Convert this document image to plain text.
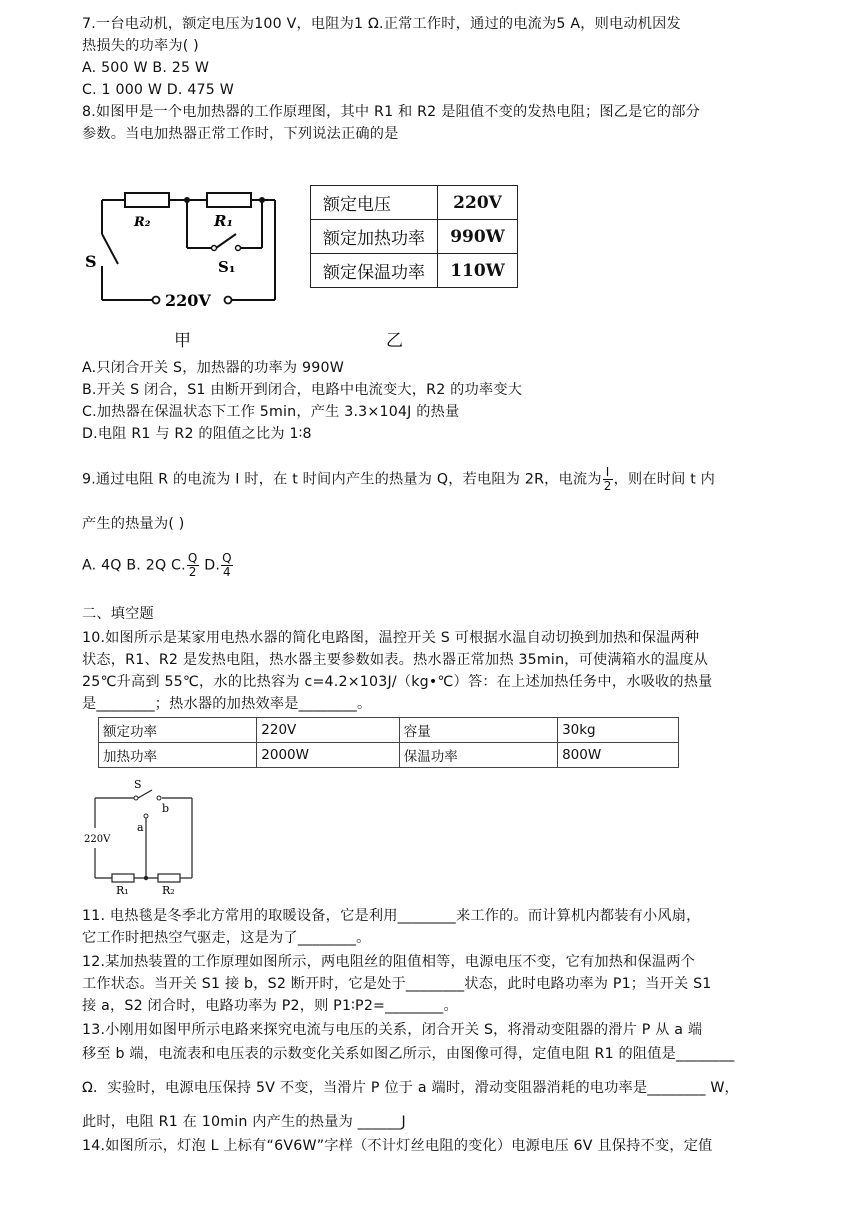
7.一台电动机，额定电压为100 V，电阻为1 Ω.正常工作时，通过的电流为5 A，则电动机因发
热损失的功率为( )
A. 500 W B. 25 W
C. 1 000 W D. 475 W
8.如图甲是一个电加热器的工作原理图，其中 R1 和 R2 是阻值不变的发热电阻；图乙是它的部分
参数。当电加热器正常工作时，下列说法正确的是
R₂	R₁
S	S₁
220V
额定电压	220V
额定加热功率	990W
额定保温功率	110W
甲	乙
A.只闭合开关 S，加热器的功率为 990W
B.开关 S 闭合，S1 由断开到闭合，电路中电流变大，R2 的功率变大
C.加热器在保温状态下工作 5min，产生 3.3×104J 的热量
D.电阻 R1 与 R2 的阻值之比为 1∶8
9.通过电阻 R 的电流为 I 时，在 t 时间内产生的热量为 Q，若电阻为 2R，电流为 $\frac{I}{2}$ ，则在时间 t 内
产生的热量为( )
A. 4Q B. 2Q C. $\frac{Q}{2} D$. $\frac{Q}{4}$
二、填空题
10.如图所示是某家用电热水器的简化电路图，温控开关 S 可根据水温自动切换到加热和保温两种
状态，R1、R2 是发热电阻，热水器主要参数如表。热水器正常加热 35min，可使满箱水的温度从
25℃升高到 55℃，水的比热容为 c=4.2×103J/（kg•℃）答：在上述加热任务中，水吸收的热量
是________；热水器的加热效率是________。
额定功率	220V	容量	30kg
加热功率	2000W	保温功率	800W
S
b
a
220V
R₁	R₂
11. 电热毯是冬季北方常用的取暖设备，它是利用________来工作的。而计算机内都装有小风扇，
它工作时把热空气驱走，这是为了________。
12.某加热装置的工作原理如图所示，两电阻丝的阻值相等，电源电压不变，它有加热和保温两个
工作状态。当开关 S1 接 b，S2 断开时，它是处于________状态，此时电路功率为 P1；当开关 S1
接 a，S2 闭合时，电路功率为 P2，则 P1∶P2=________。
13.小刚用如图甲所示电路来探究电流与电压的关系，闭合开关 S，将滑动变阻器的滑片 P 从 a 端
移至 b 端，电流表和电压表的示数变化关系如图乙所示，由图像可得，定值电阻 R1 的阻值是________
Ω．实验时，电源电压保持 5V 不变，当滑片 P 位于 a 端时，滑动变阻器消耗的电功率是________ W，
此时，电阻 R1 在 10min 内产生的热量为 ______J
14.如图所示，灯泡 L 上标有“6V6W”字样（不计灯丝电阻的变化）电源电压 6V 且保持不变，定值
